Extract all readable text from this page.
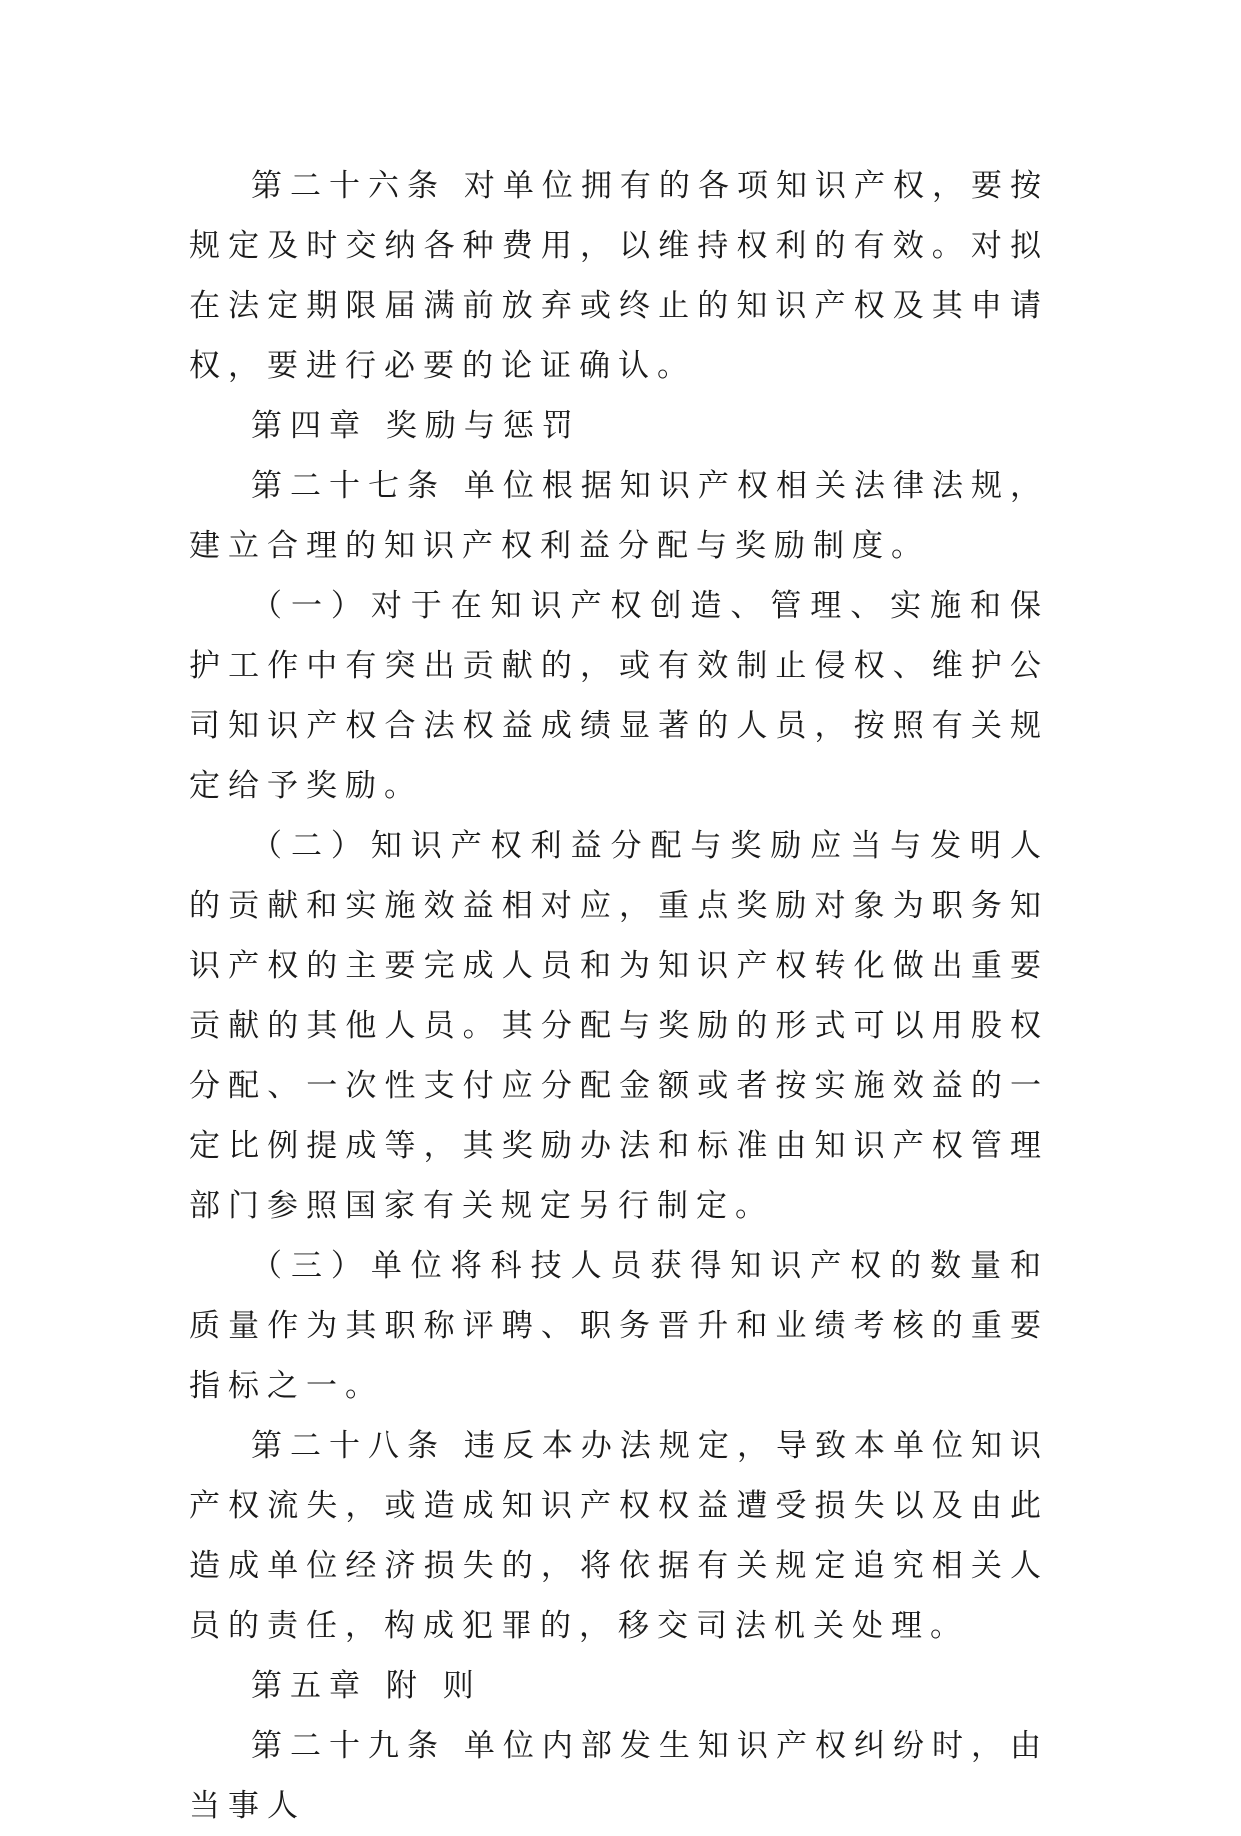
第二十六条 对单位拥有的各项知识产权，要按规定及时交纳各种费用，以维持权利的有效。对拟在法定期限届满前放弃或终止的知识产权及其申请权，要进行必要的论证确认。

第四章 奖励与惩罚

第二十七条 单位根据知识产权相关法律法规，建立合理的知识产权利益分配与奖励制度。

（一）对于在知识产权创造、管理、实施和保护工作中有突出贡献的，或有效制止侵权、维护公司知识产权合法权益成绩显著的人员，按照有关规定给予奖励。

（二）知识产权利益分配与奖励应当与发明人的贡献和实施效益相对应，重点奖励对象为职务知识产权的主要完成人员和为知识产权转化做出重要贡献的其他人员。其分配与奖励的形式可以用股权分配、一次性支付应分配金额或者按实施效益的一定比例提成等，其奖励办法和标准由知识产权管理部门参照国家有关规定另行制定。

（三）单位将科技人员获得知识产权的数量和质量作为其职称评聘、职务晋升和业绩考核的重要指标之一。

第二十八条 违反本办法规定，导致本单位知识产权流失，或造成知识产权权益遭受损失以及由此造成单位经济损失的，将依据有关规定追究相关人员的责任，构成犯罪的，移交司法机关处理。

第五章 附 则

第二十九条 单位内部发生知识产权纠纷时，由当事人
